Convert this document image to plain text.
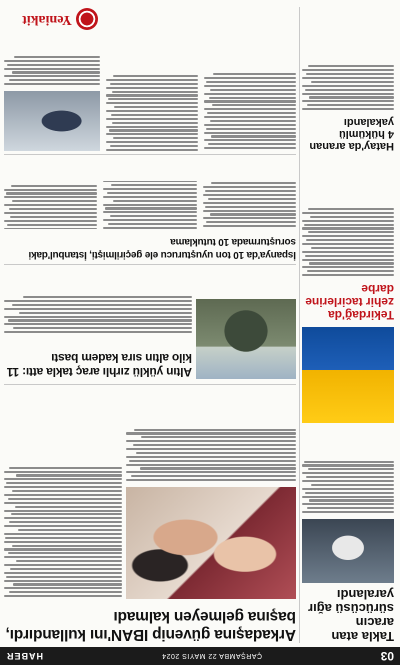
03
ÇARŞAMBA 22 MAYIS 2024
HABER
Arkadaşına güvenip IBAN'ını kullandırdı, başına gelmeyen kalmadı
Altın yüklü zırhlı araç takla attı: 11 kilo altın sıra kadem bastı
İspanya'da 10 ton uyuşturucu ele geçirilmişti, İstanbul'daki soruşturmada 10 tutuklama
Yeniakit
Takla atan aracın sürücüsü ağır yaralandı
Tekirdağ'da zehir tacirlerine darbe
Hatay'da aranan 4 hükümlü yakalandı
